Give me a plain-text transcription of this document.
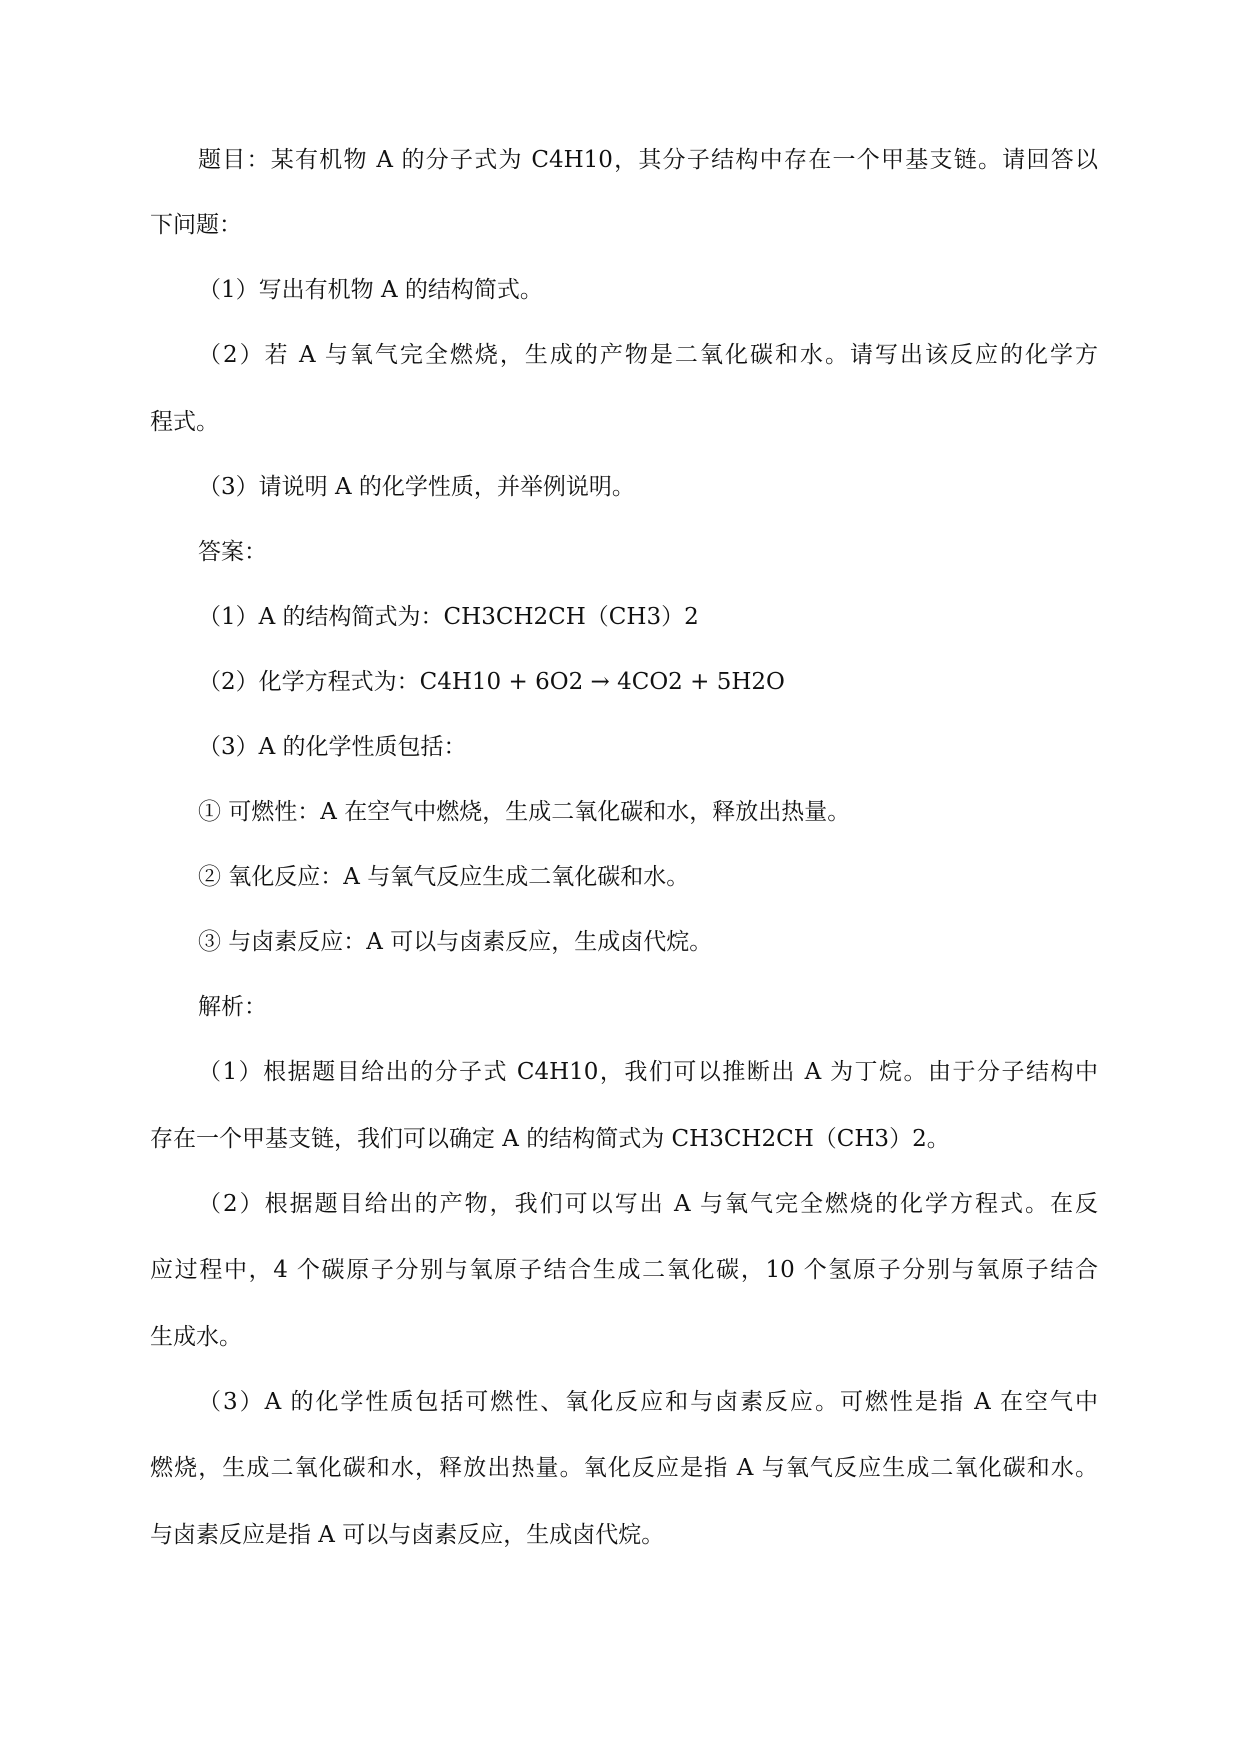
题目：某有机物 A 的分子式为 C4H10，其分子结构中存在一个甲基支链。请回答以
下问题：
（1）写出有机物 A 的结构简式。
（2）若 A 与氧气完全燃烧，生成的产物是二氧化碳和水。请写出该反应的化学方
程式。
（3）请说明 A 的化学性质，并举例说明。
答案：
（1）A 的结构简式为：CH3CH2CH（CH3）2
（2）化学方程式为：C4H10 + 6O2 → 4CO2 + 5H2O
（3）A 的化学性质包括：
① 可燃性：A 在空气中燃烧，生成二氧化碳和水，释放出热量。
② 氧化反应：A 与氧气反应生成二氧化碳和水。
③ 与卤素反应：A 可以与卤素反应，生成卤代烷。
解析：
（1）根据题目给出的分子式 C4H10，我们可以推断出 A 为丁烷。由于分子结构中
存在一个甲基支链，我们可以确定 A 的结构简式为 CH3CH2CH（CH3）2。
（2）根据题目给出的产物，我们可以写出 A 与氧气完全燃烧的化学方程式。在反
应过程中，4 个碳原子分别与氧原子结合生成二氧化碳，10 个氢原子分别与氧原子结合
生成水。
（3）A 的化学性质包括可燃性、氧化反应和与卤素反应。可燃性是指 A 在空气中
燃烧，生成二氧化碳和水，释放出热量。氧化反应是指 A 与氧气反应生成二氧化碳和水。
与卤素反应是指 A 可以与卤素反应，生成卤代烷。
